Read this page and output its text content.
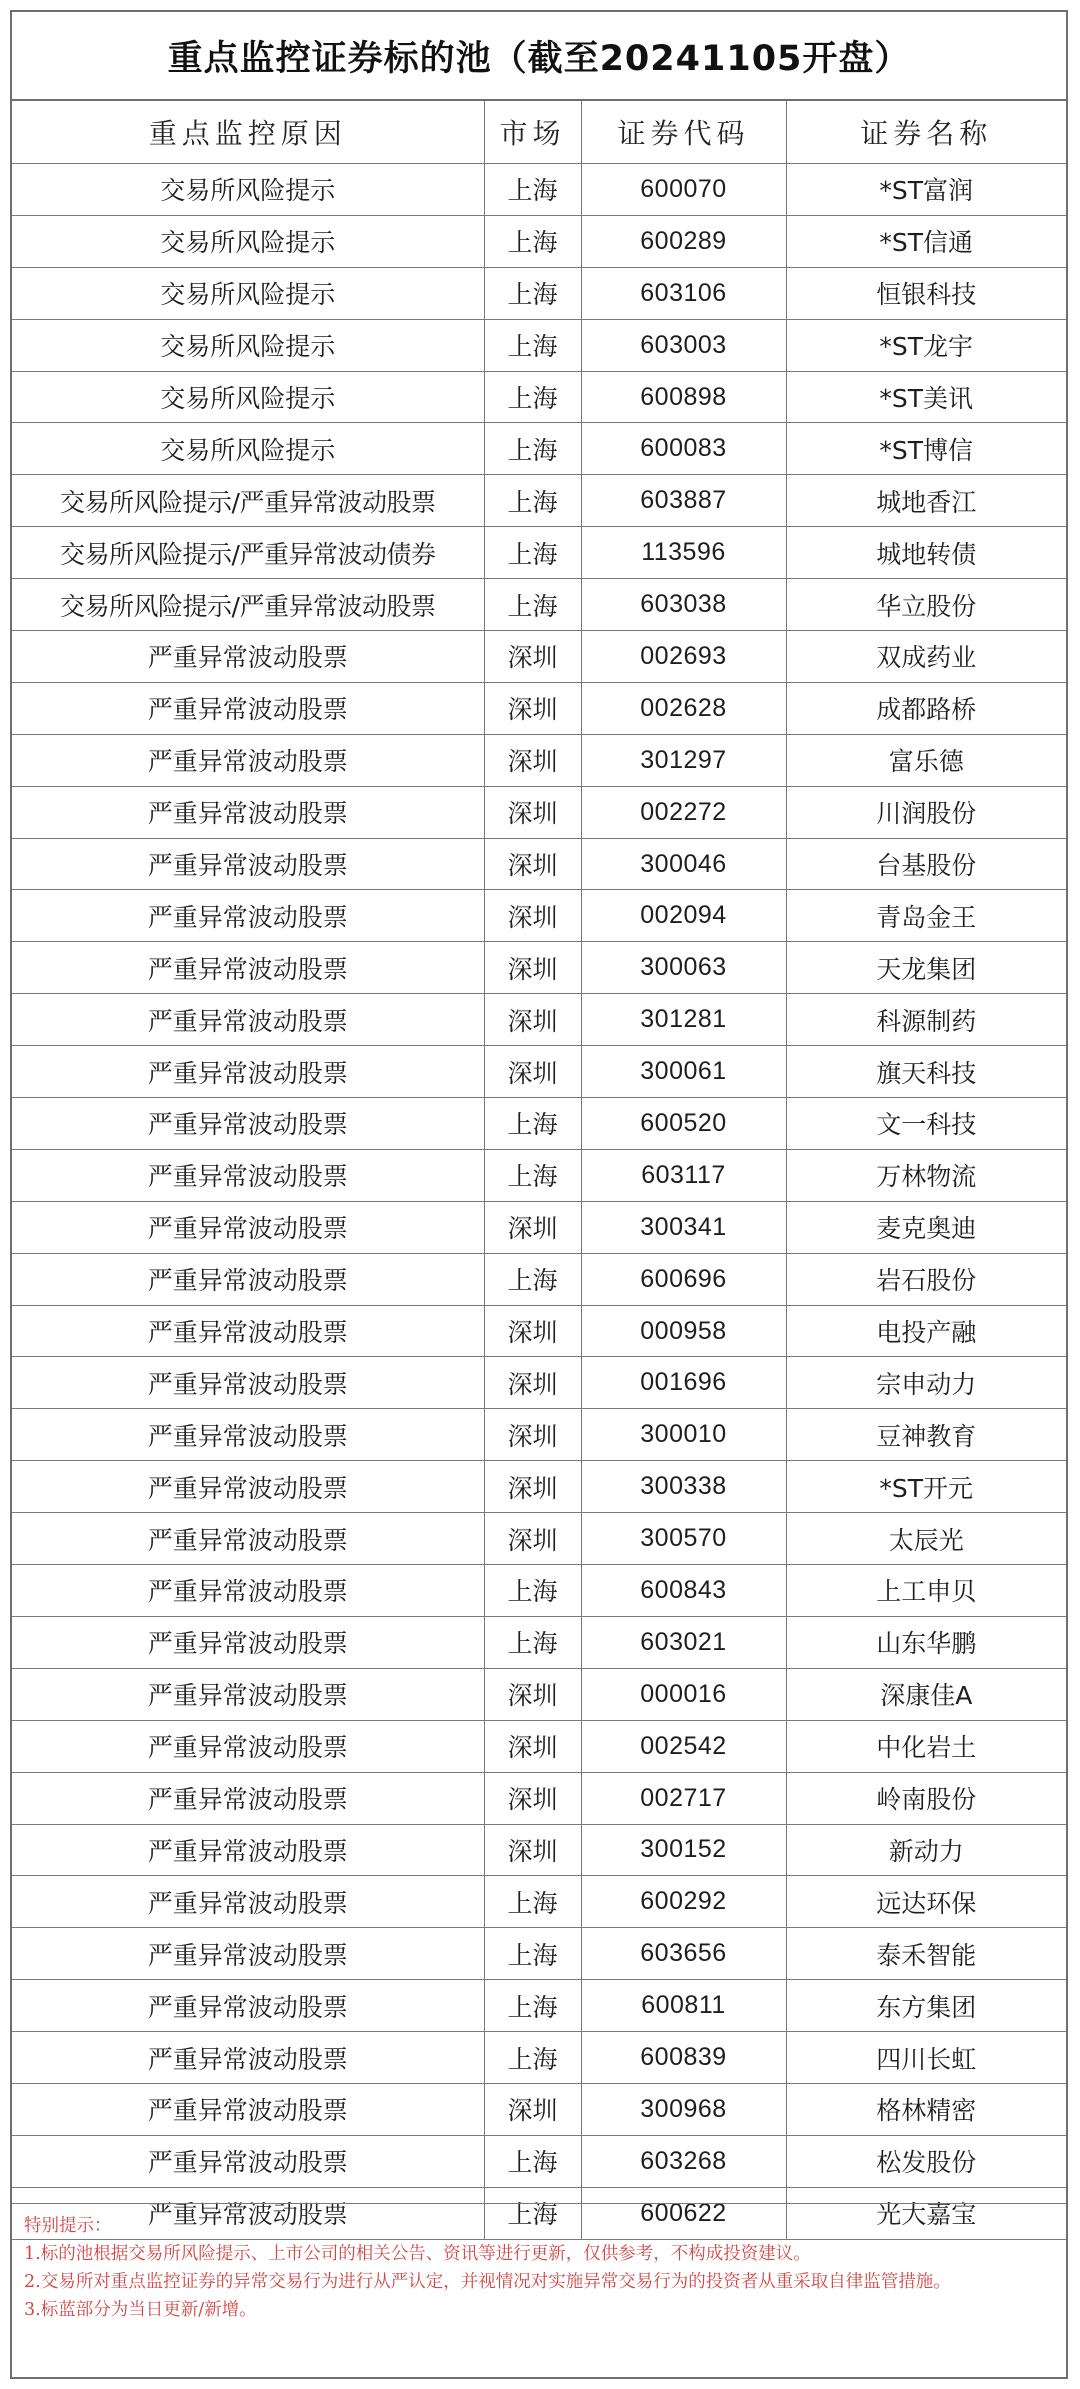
重点监控证券标的池（截至20241105开盘）
重点监控原因	市场	证券代码	证券名称
交易所风险提示	上海	600070	*ST富润
交易所风险提示	上海	600289	*ST信通
交易所风险提示	上海	603106	恒银科技
交易所风险提示	上海	603003	*ST龙宇
交易所风险提示	上海	600898	*ST美讯
交易所风险提示	上海	600083	*ST博信
交易所风险提示/严重异常波动股票	上海	603887	城地香江
交易所风险提示/严重异常波动债券	上海	113596	城地转债
交易所风险提示/严重异常波动股票	上海	603038	华立股份
严重异常波动股票	深圳	002693	双成药业
严重异常波动股票	深圳	002628	成都路桥
严重异常波动股票	深圳	301297	富乐德
严重异常波动股票	深圳	002272	川润股份
严重异常波动股票	深圳	300046	台基股份
严重异常波动股票	深圳	002094	青岛金王
严重异常波动股票	深圳	300063	天龙集团
严重异常波动股票	深圳	301281	科源制药
严重异常波动股票	深圳	300061	旗天科技
严重异常波动股票	上海	600520	文一科技
严重异常波动股票	上海	603117	万林物流
严重异常波动股票	深圳	300341	麦克奥迪
严重异常波动股票	上海	600696	岩石股份
严重异常波动股票	深圳	000958	电投产融
严重异常波动股票	深圳	001696	宗申动力
严重异常波动股票	深圳	300010	豆神教育
严重异常波动股票	深圳	300338	*ST开元
严重异常波动股票	深圳	300570	太辰光
严重异常波动股票	上海	600843	上工申贝
严重异常波动股票	上海	603021	山东华鹏
严重异常波动股票	深圳	000016	深康佳A
严重异常波动股票	深圳	002542	中化岩土
严重异常波动股票	深圳	002717	岭南股份
严重异常波动股票	深圳	300152	新动力
严重异常波动股票	上海	600292	远达环保
严重异常波动股票	上海	603656	泰禾智能
严重异常波动股票	上海	600811	东方集团
严重异常波动股票	上海	600839	四川长虹
严重异常波动股票	深圳	300968	格林精密
严重异常波动股票	上海	603268	松发股份
严重异常波动股票	上海	600622	光大嘉宝
特别提示：
1.标的池根据交易所风险提示、上市公司的相关公告、资讯等进行更新，仅供参考，不构成投资建议。
2.交易所对重点监控证券的异常交易行为进行从严认定，并视情况对实施异常交易行为的投资者从重采取自律监管措施。
3.标蓝部分为当日更新/新增。
